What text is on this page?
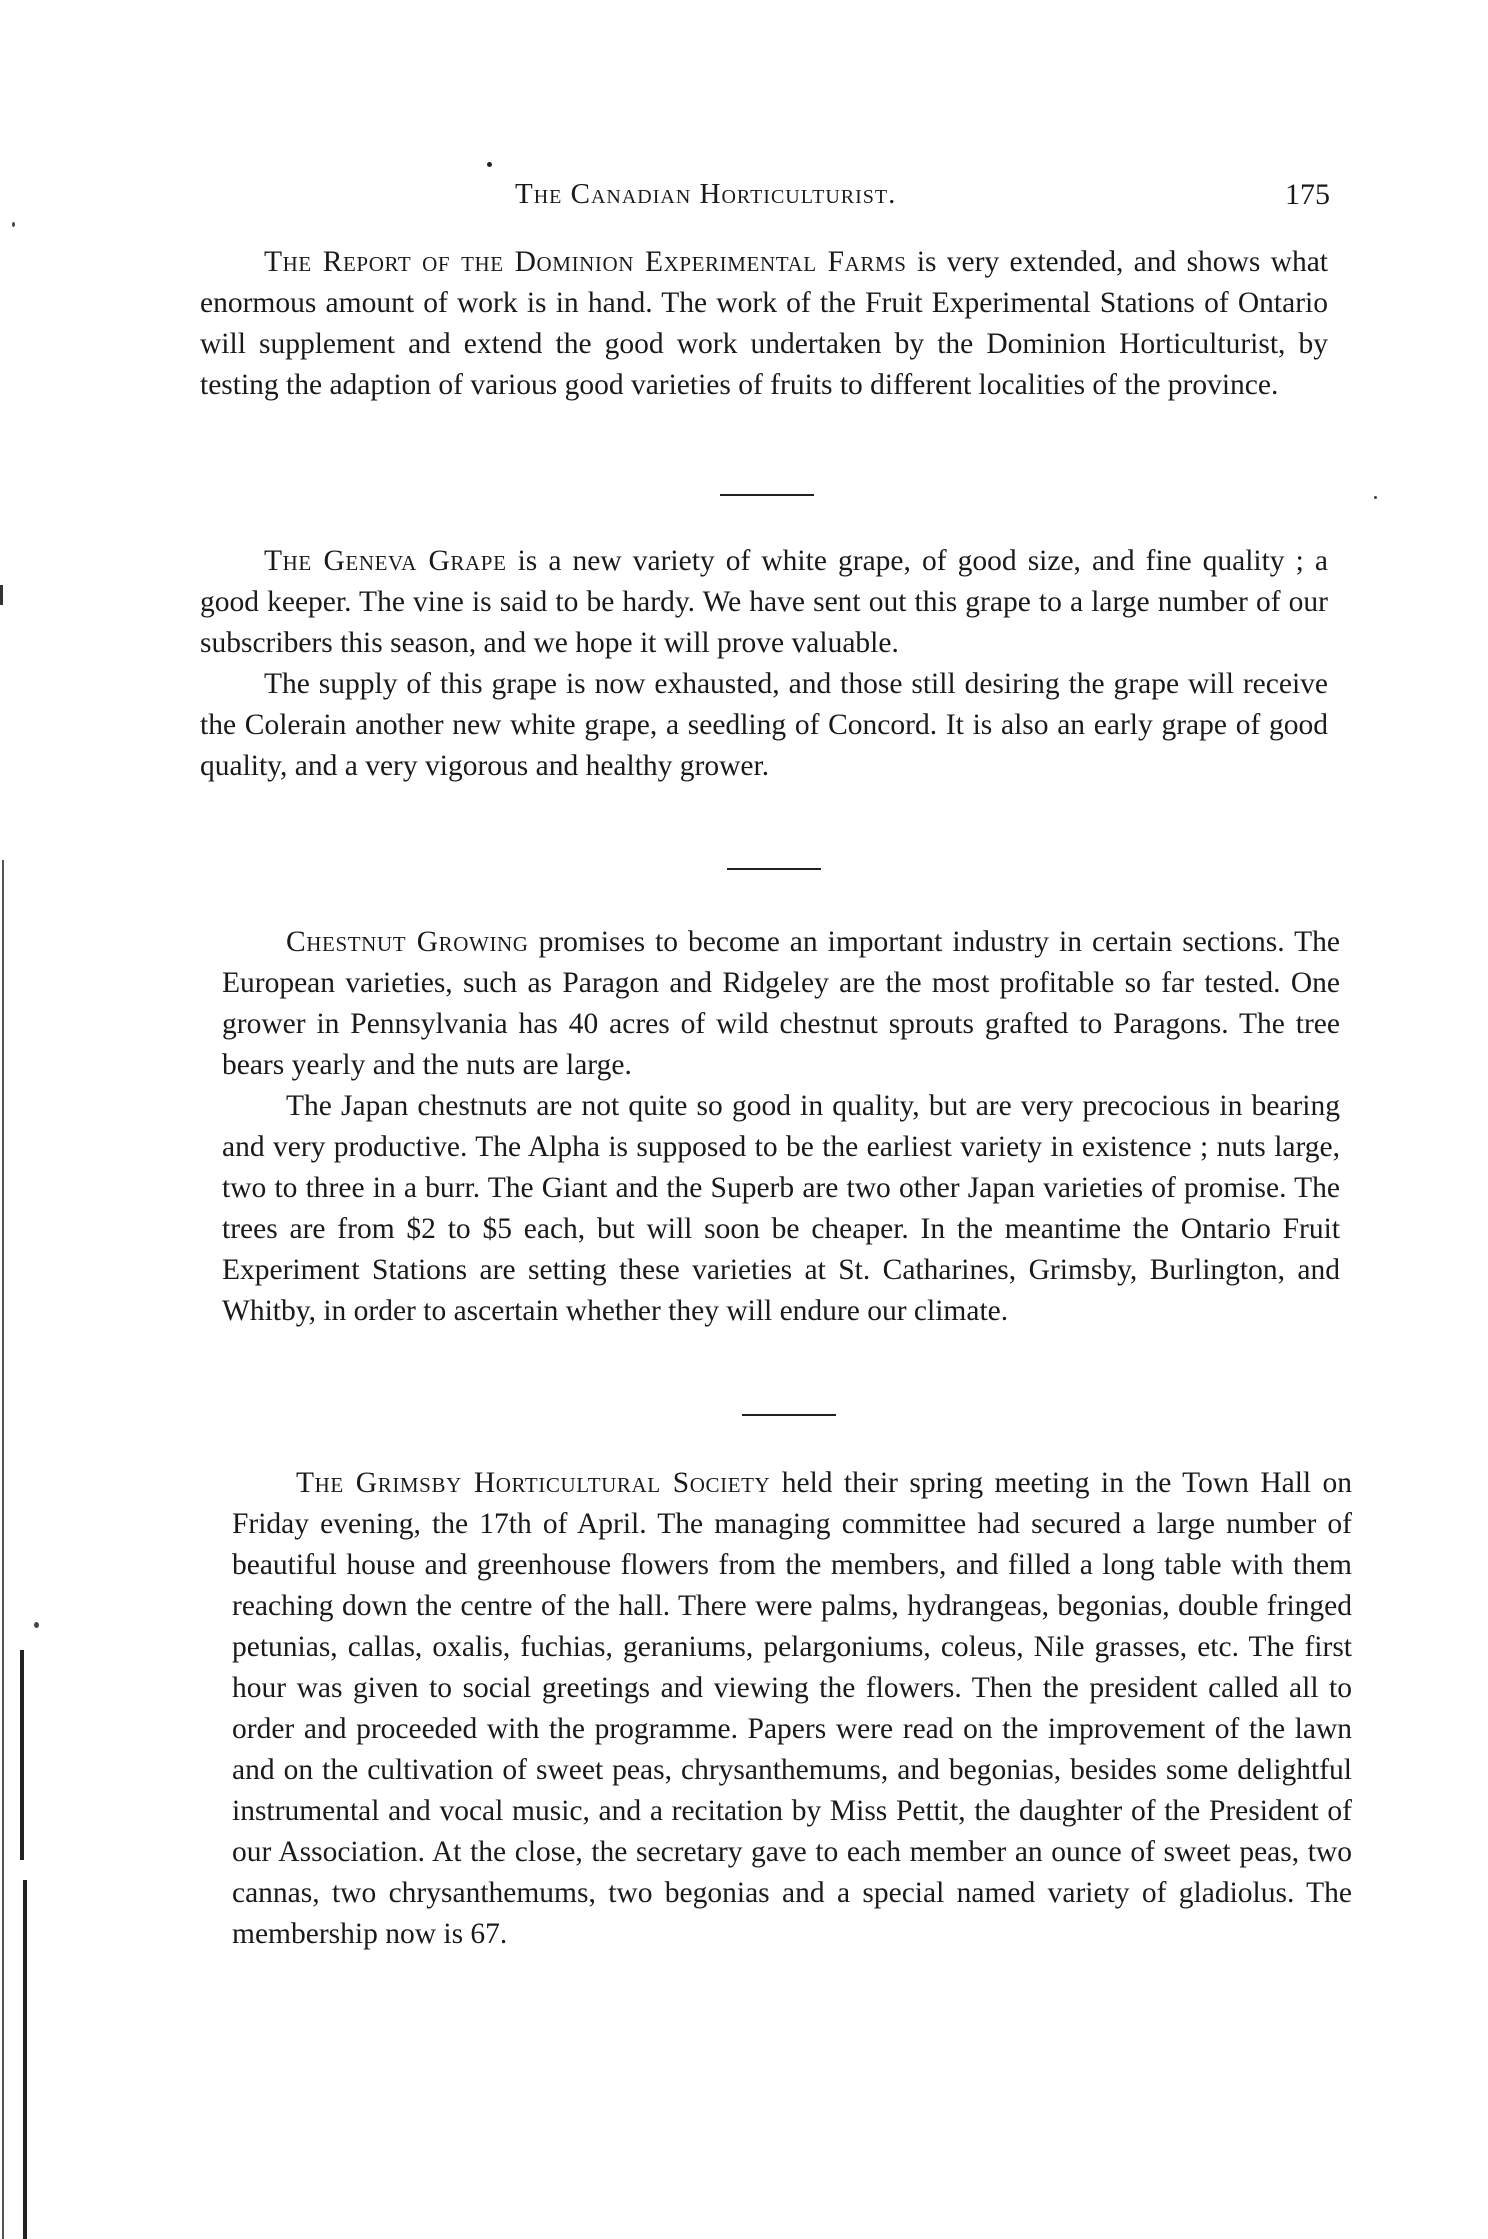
The Canadian Horticulturist.	175

The Report of the Dominion Experimental Farms is very extended, and shows what enormous amount of work is in hand. The work of the Fruit Experimental Stations of Ontario will supplement and extend the good work undertaken by the Dominion Horticulturist, by testing the adaption of various good varieties of fruits to different localities of the province.

The Geneva Grape is a new variety of white grape, of good size, and fine quality ; a good keeper. The vine is said to be hardy. We have sent out this grape to a large number of our subscribers this season, and we hope it will prove valuable.

The supply of this grape is now exhausted, and those still desiring the grape will receive the Colerain another new white grape, a seedling of Concord. It is also an early grape of good quality, and a very vigorous and healthy grower.

Chestnut Growing promises to become an important industry in certain sections. The European varieties, such as Paragon and Ridgeley are the most profitable so far tested. One grower in Pennsylvania has 40 acres of wild chestnut sprouts grafted to Paragons. The tree bears yearly and the nuts are large.

The Japan chestnuts are not quite so good in quality, but are very precocious in bearing and very productive. The Alpha is supposed to be the earliest variety in existence ; nuts large, two to three in a burr. The Giant and the Superb are two other Japan varieties of promise. The trees are from $2 to $5 each, but will soon be cheaper. In the meantime the Ontario Fruit Experiment Stations are setting these varieties at St. Catharines, Grimsby, Burlington, and Whitby, in order to ascertain whether they will endure our climate.

The Grimsby Horticultural Society held their spring meeting in the Town Hall on Friday evening, the 17th of April. The managing committee had secured a large number of beautiful house and greenhouse flowers from the members, and filled a long table with them reaching down the centre of the hall. There were palms, hydrangeas, begonias, double fringed petunias, callas, oxalis, fuchias, geraniums, pelargoniums, coleus, Nile grasses, etc. The first hour was given to social greetings and viewing the flowers. Then the president called all to order and proceeded with the programme. Papers were read on the improvement of the lawn and on the cultivation of sweet peas, chrysanthemums, and begonias, besides some delightful instrumental and vocal music, and a recitation by Miss Pettit, the daughter of the President of our Association. At the close, the secretary gave to each member an ounce of sweet peas, two cannas, two chrysanthemums, two begonias and a special named variety of gladiolus. The membership now is 67.
